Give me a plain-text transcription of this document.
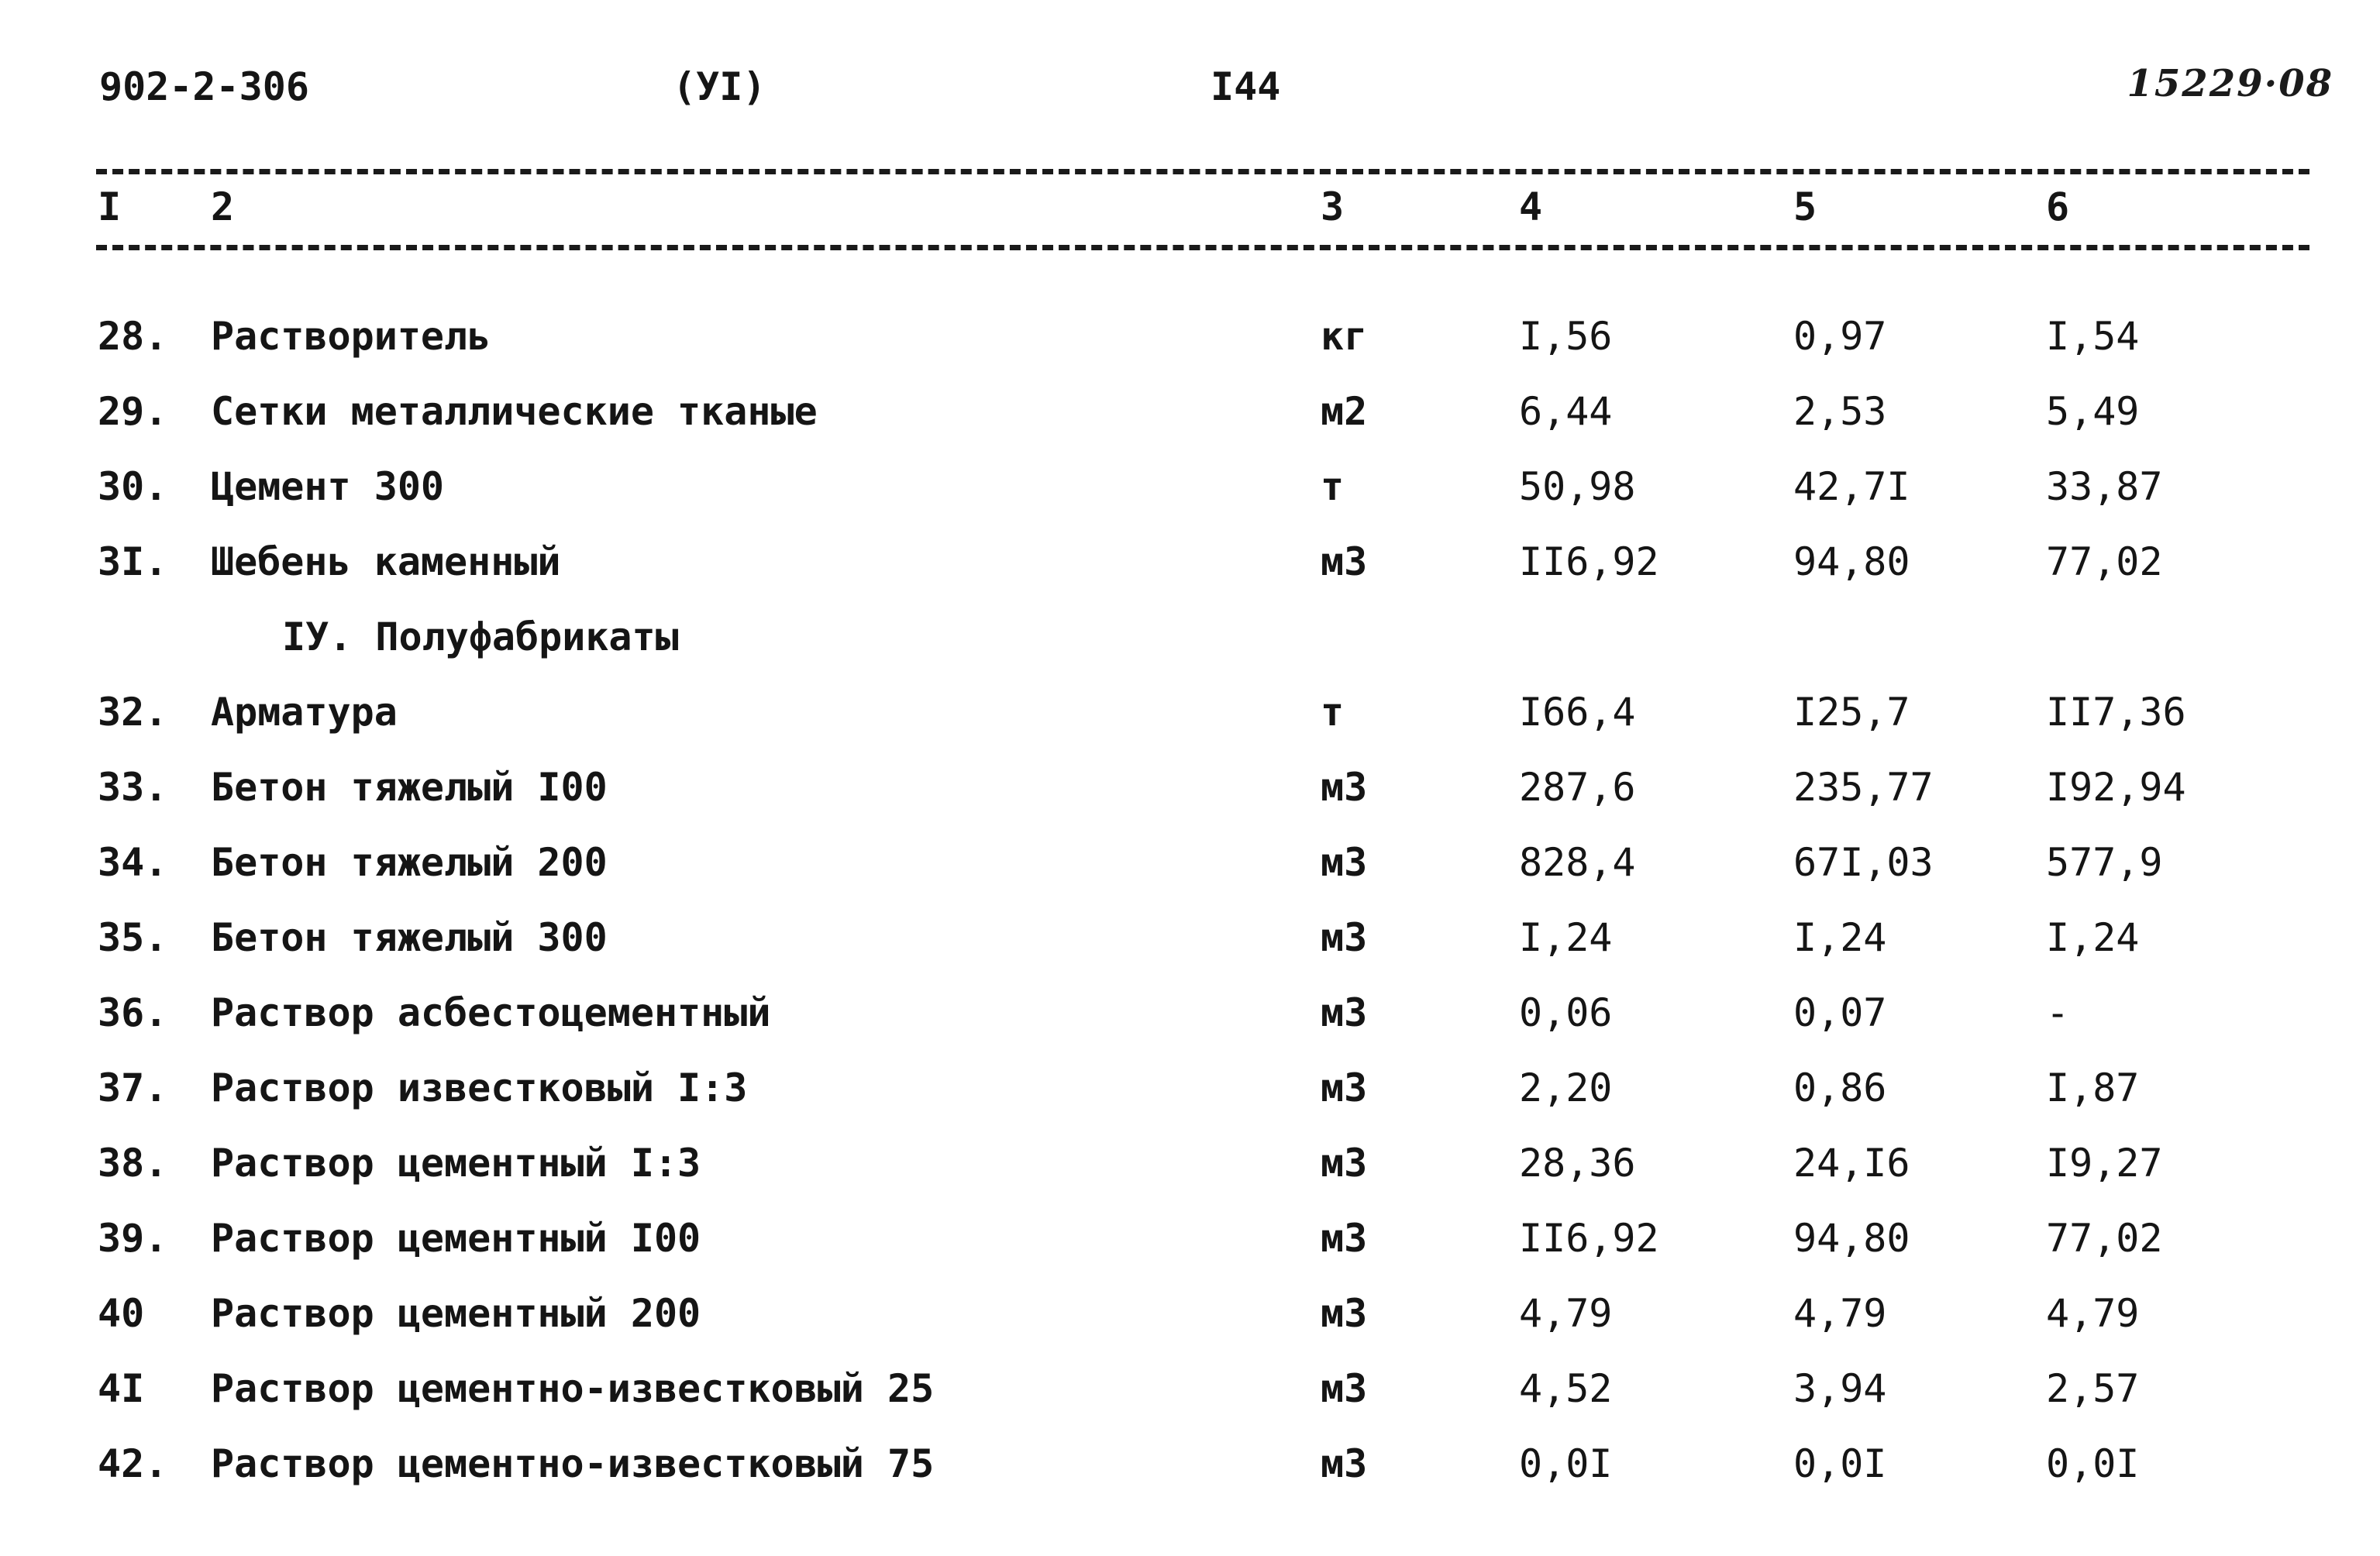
902-2-306	(УI)	I44	15229·08
I 2	3	4	5	6
28. Растворитель	кг	I,56	0,97	I,54
29. Сетки металлические тканые	м2	6,44	2,53	5,49
30. Цемент 300	т	50,98	42,7I	33,87
3I. Шебень каменный	м3	II6,92	94,80	77,02
IУ. Полуфабрикаты
32. Арматура	т	I66,4	I25,7	II7,36
33. Бетон тяжелый I00	м3	287,6	235,77	I92,94
34. Бетон тяжелый 200	м3	828,4	67I,03	577,9
35. Бетон тяжелый 300	м3	I,24	I,24	I,24
36. Раствор асбестоцементный	м3	0,06	0,07	-
37. Раствор известковый I:3	м3	2,20	0,86	I,87
38. Раствор цементный I:3	м3	28,36	24,I6	I9,27
39. Раствор цементный I00	м3	II6,92	94,80	77,02
40 Раствор цементный 200	м3	4,79	4,79	4,79
4I Раствор цементно-известковый 25	м3	4,52	3,94	2,57
42. Раствор цементно-известковый 75	м3	0,0I	0,0I	0,0I
